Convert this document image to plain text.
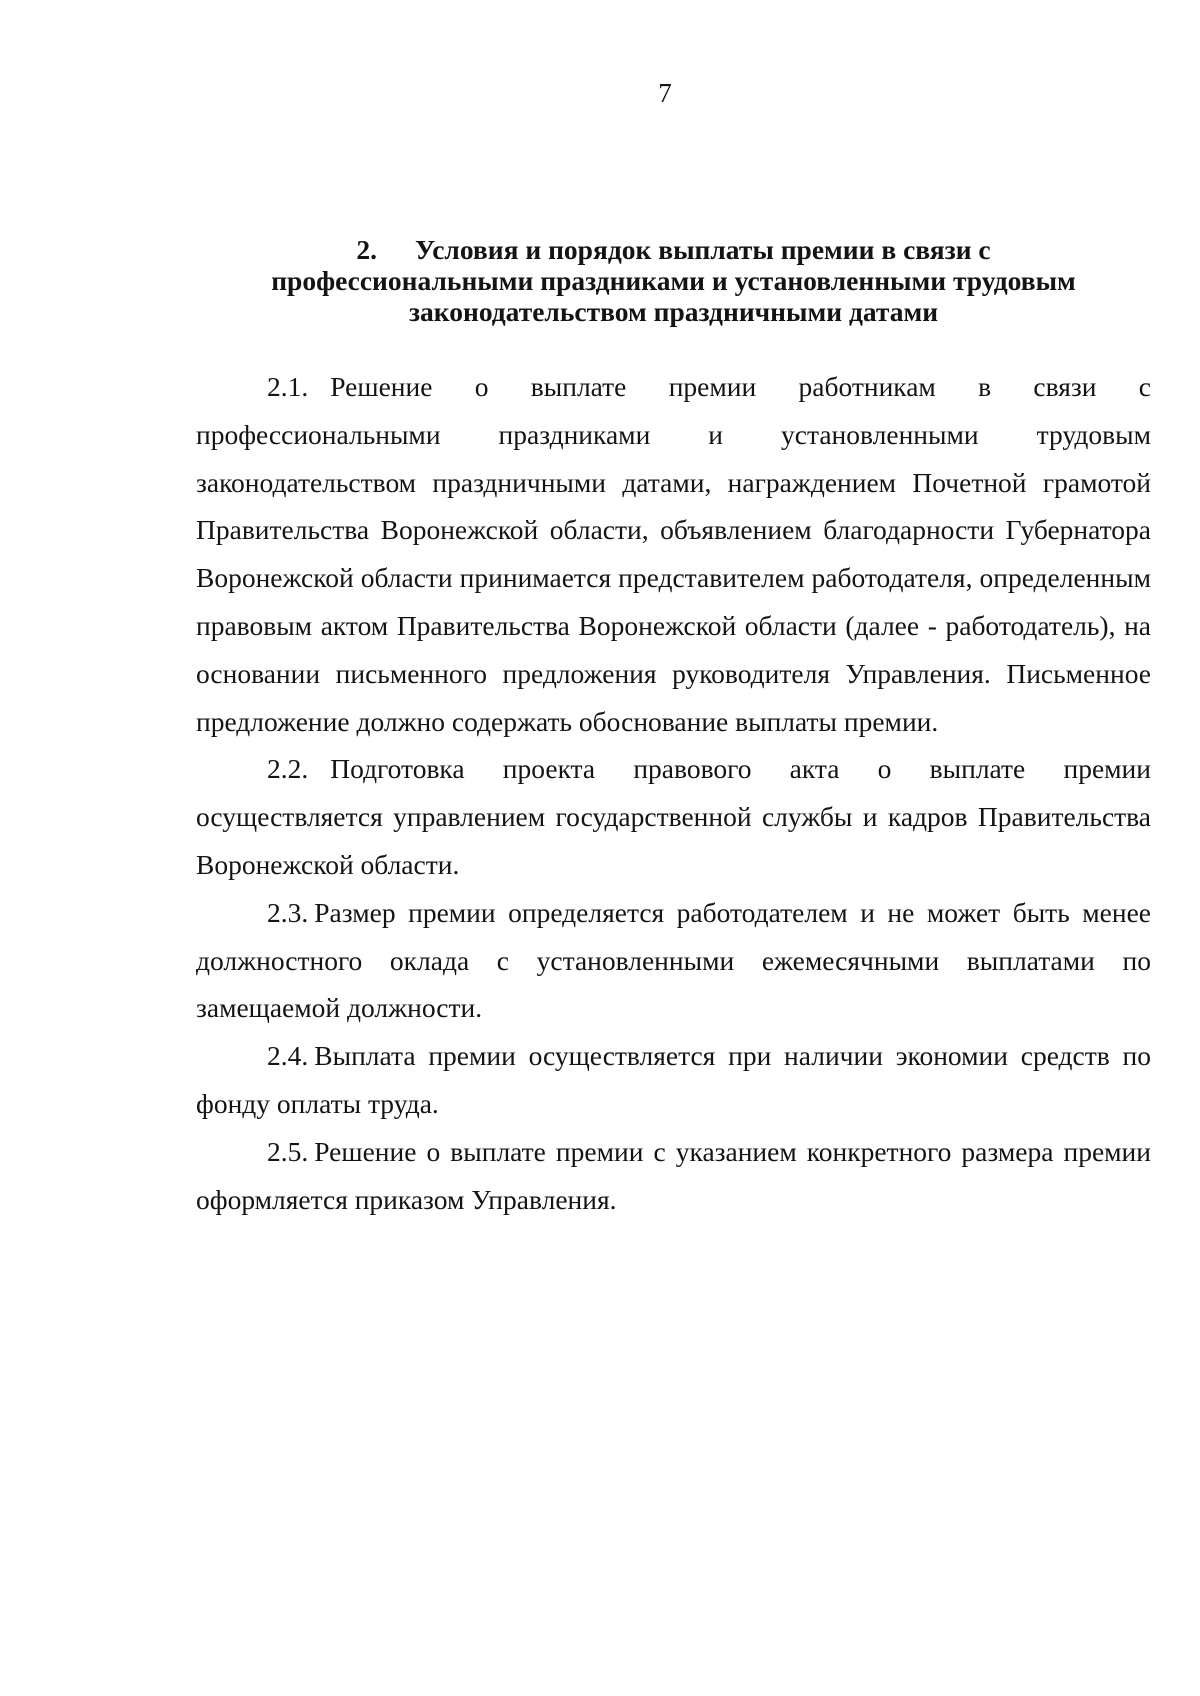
7
2. Условия и порядок выплаты премии в связи с
профессиональными праздниками и установленными трудовым
законодательством праздничными датами

2.1. Решение о выплате премии работникам в связи с профессиональными праздниками и установленными трудовым законодательством праздничными датами, награждением Почетной грамотой Правительства Воронежской области, объявлением благодарности Губернатора Воронежской области принимается представителем работодателя, определенным правовым актом Правительства Воронежской области (далее - работодатель), на основании письменного предложения руководителя Управления. Письменное предложение должно содержать обоснование выплаты премии.

2.2. Подготовка проекта правового акта о выплате премии осуществляется управлением государственной службы и кадров Правительства Воронежской области.

2.3. Размер премии определяется работодателем и не может быть менее должностного оклада с установленными ежемесячными выплатами по замещаемой должности.

2.4. Выплата премии осуществляется при наличии экономии средств по фонду оплаты труда.

2.5. Решение о выплате премии с указанием конкретного размера премии оформляется приказом Управления.
